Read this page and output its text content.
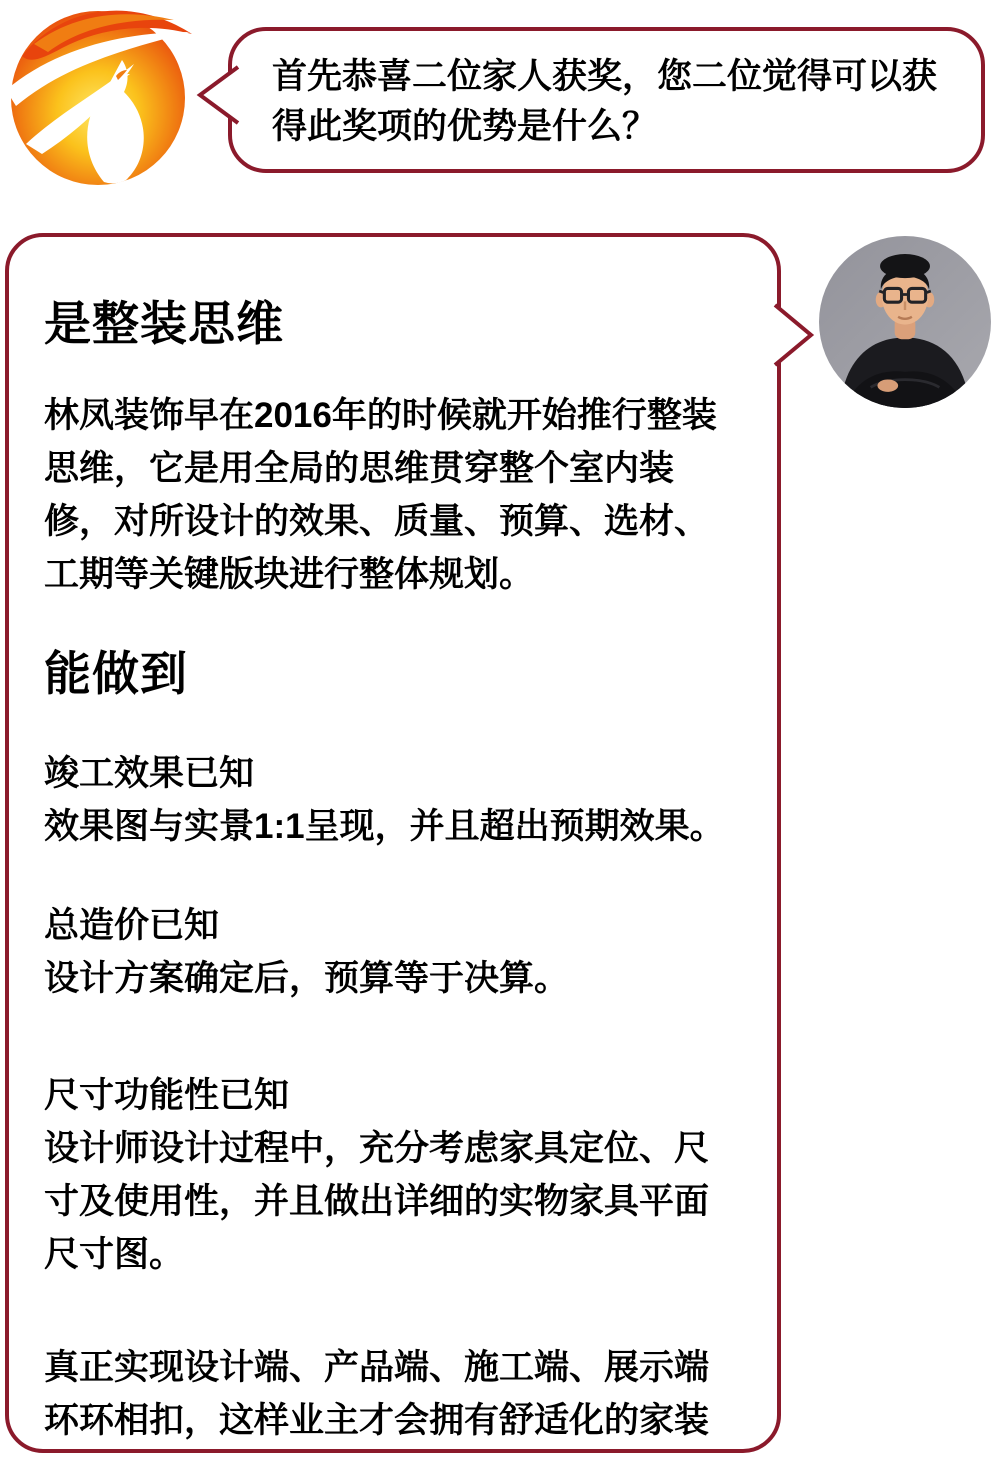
首先恭喜二位家人获奖，您二位觉得可以获得此奖项的优势是什么？
是整装思维

林凤装饰早在2016年的时候就开始推行整装思维，它是用全局的思维贯穿整个室内装修，对所设计的效果、质量、预算、选材、工期等关键版块进行整体规划。

能做到

竣工效果已知

效果图与实景1:1呈现，并且超出预期效果。

总造价已知

设计方案确定后，预算等于决算。

尺寸功能性已知

设计师设计过程中，充分考虑家具定位、尺寸及使用性，并且做出详细的实物家具平面尺寸图。

真正实现设计端、产品端、施工端、展示端环环相扣，这样业主才会拥有舒适化的家装
